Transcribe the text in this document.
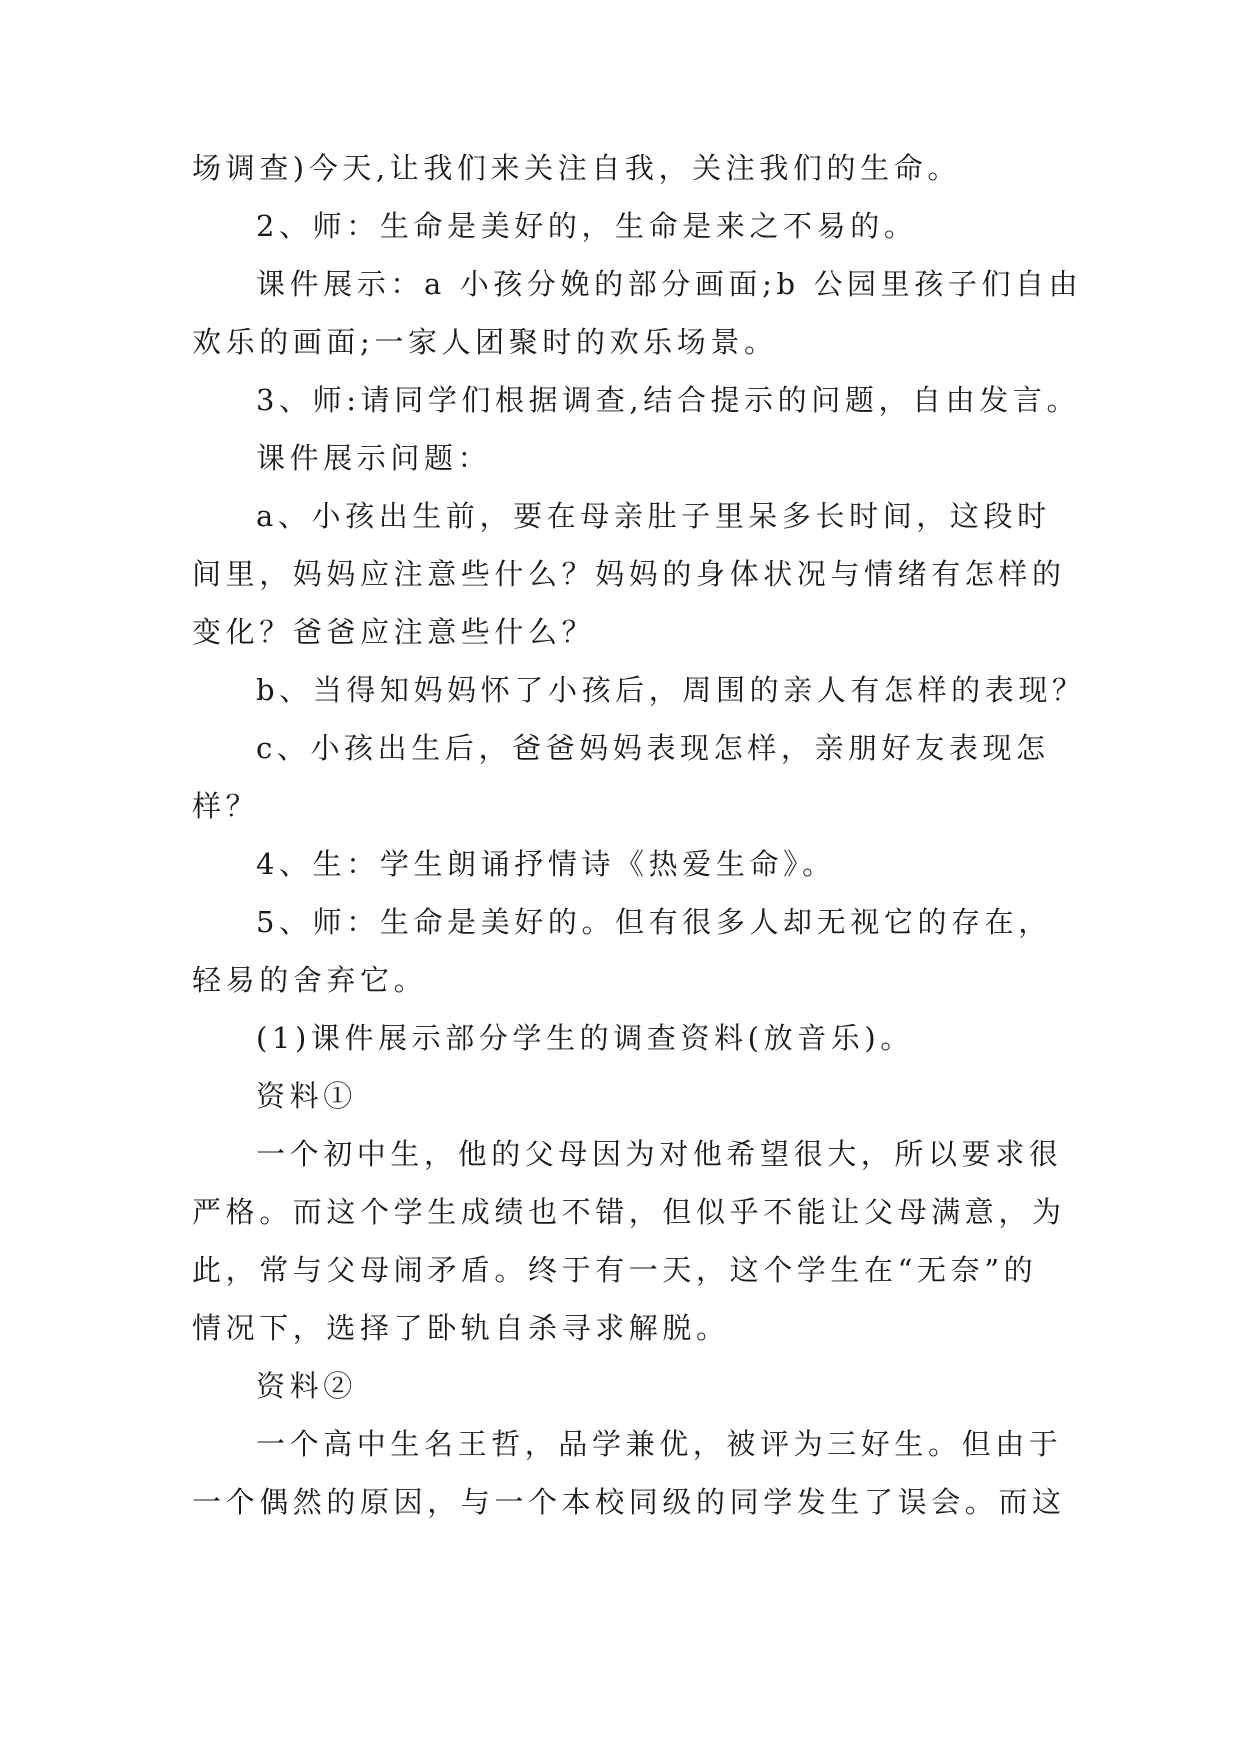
场调查)今天,让我们来关注自我，关注我们的生命。
2、师：生命是美好的，生命是来之不易的。
课件展示：a 小孩分娩的部分画面;b 公园里孩子们自由
欢乐的画面;一家人团聚时的欢乐场景。
3、师:请同学们根据调查,结合提示的问题，自由发言。
课件展示问题：
a、小孩出生前，要在母亲肚子里呆多长时间，这段时
间里，妈妈应注意些什么？妈妈的身体状况与情绪有怎样的
变化？爸爸应注意些什么？
b、当得知妈妈怀了小孩后，周围的亲人有怎样的表现？
c、小孩出生后，爸爸妈妈表现怎样，亲朋好友表现怎
样？
4、生：学生朗诵抒情诗《热爱生命》。
5、师：生命是美好的。但有很多人却无视它的存在，
轻易的舍弃它。
(1)课件展示部分学生的调查资料(放音乐)。
资料①
一个初中生，他的父母因为对他希望很大，所以要求很
严格。而这个学生成绩也不错，但似乎不能让父母满意，为
此，常与父母闹矛盾。终于有一天，这个学生在“无奈”的
情况下，选择了卧轨自杀寻求解脱。
资料②
一个高中生名王哲，品学兼优，被评为三好生。但由于
一个偶然的原因，与一个本校同级的同学发生了误会。而这
